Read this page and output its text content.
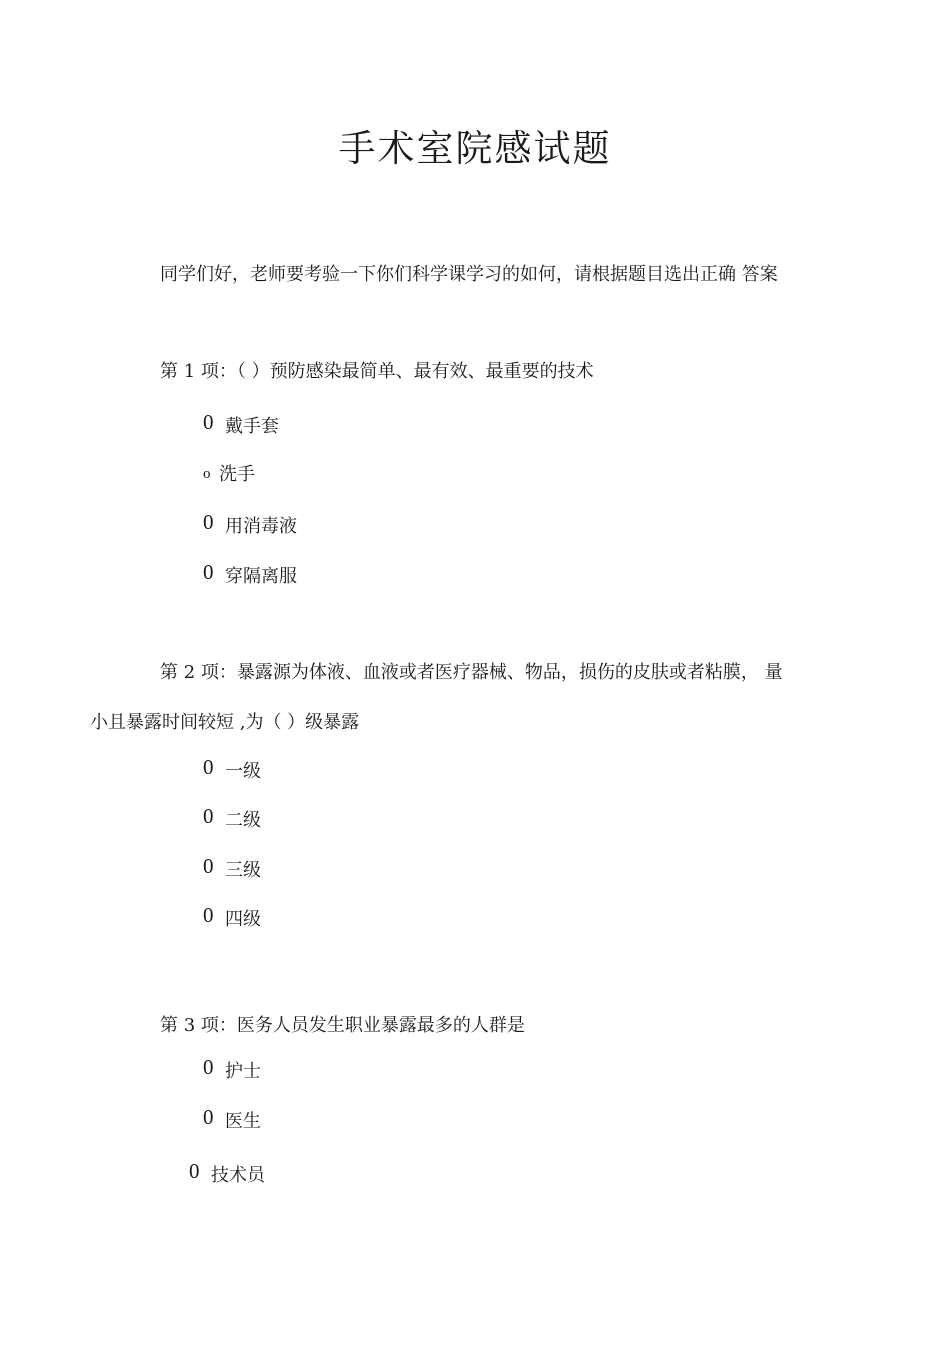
手术室院感试题

同学们好，老师要考验一下你们科学课学习的如何，请根据题目选出正确 答案

第 1 项：（ ）预防感染最简单、最有效、最重要的技术

0 戴手套
o 洗手
0 用消毒液
0 穿隔离服

第 2 项：暴露源为体液、血液或者医疗器械、物品，损伤的皮肤或者粘膜， 量

小且暴露时间较短 ,为（ ）级暴露

0 一级
0 二级
0 三级
0 四级

第 3 项：医务人员发生职业暴露最多的人群是

0 护士
0 医生
0 技术员
